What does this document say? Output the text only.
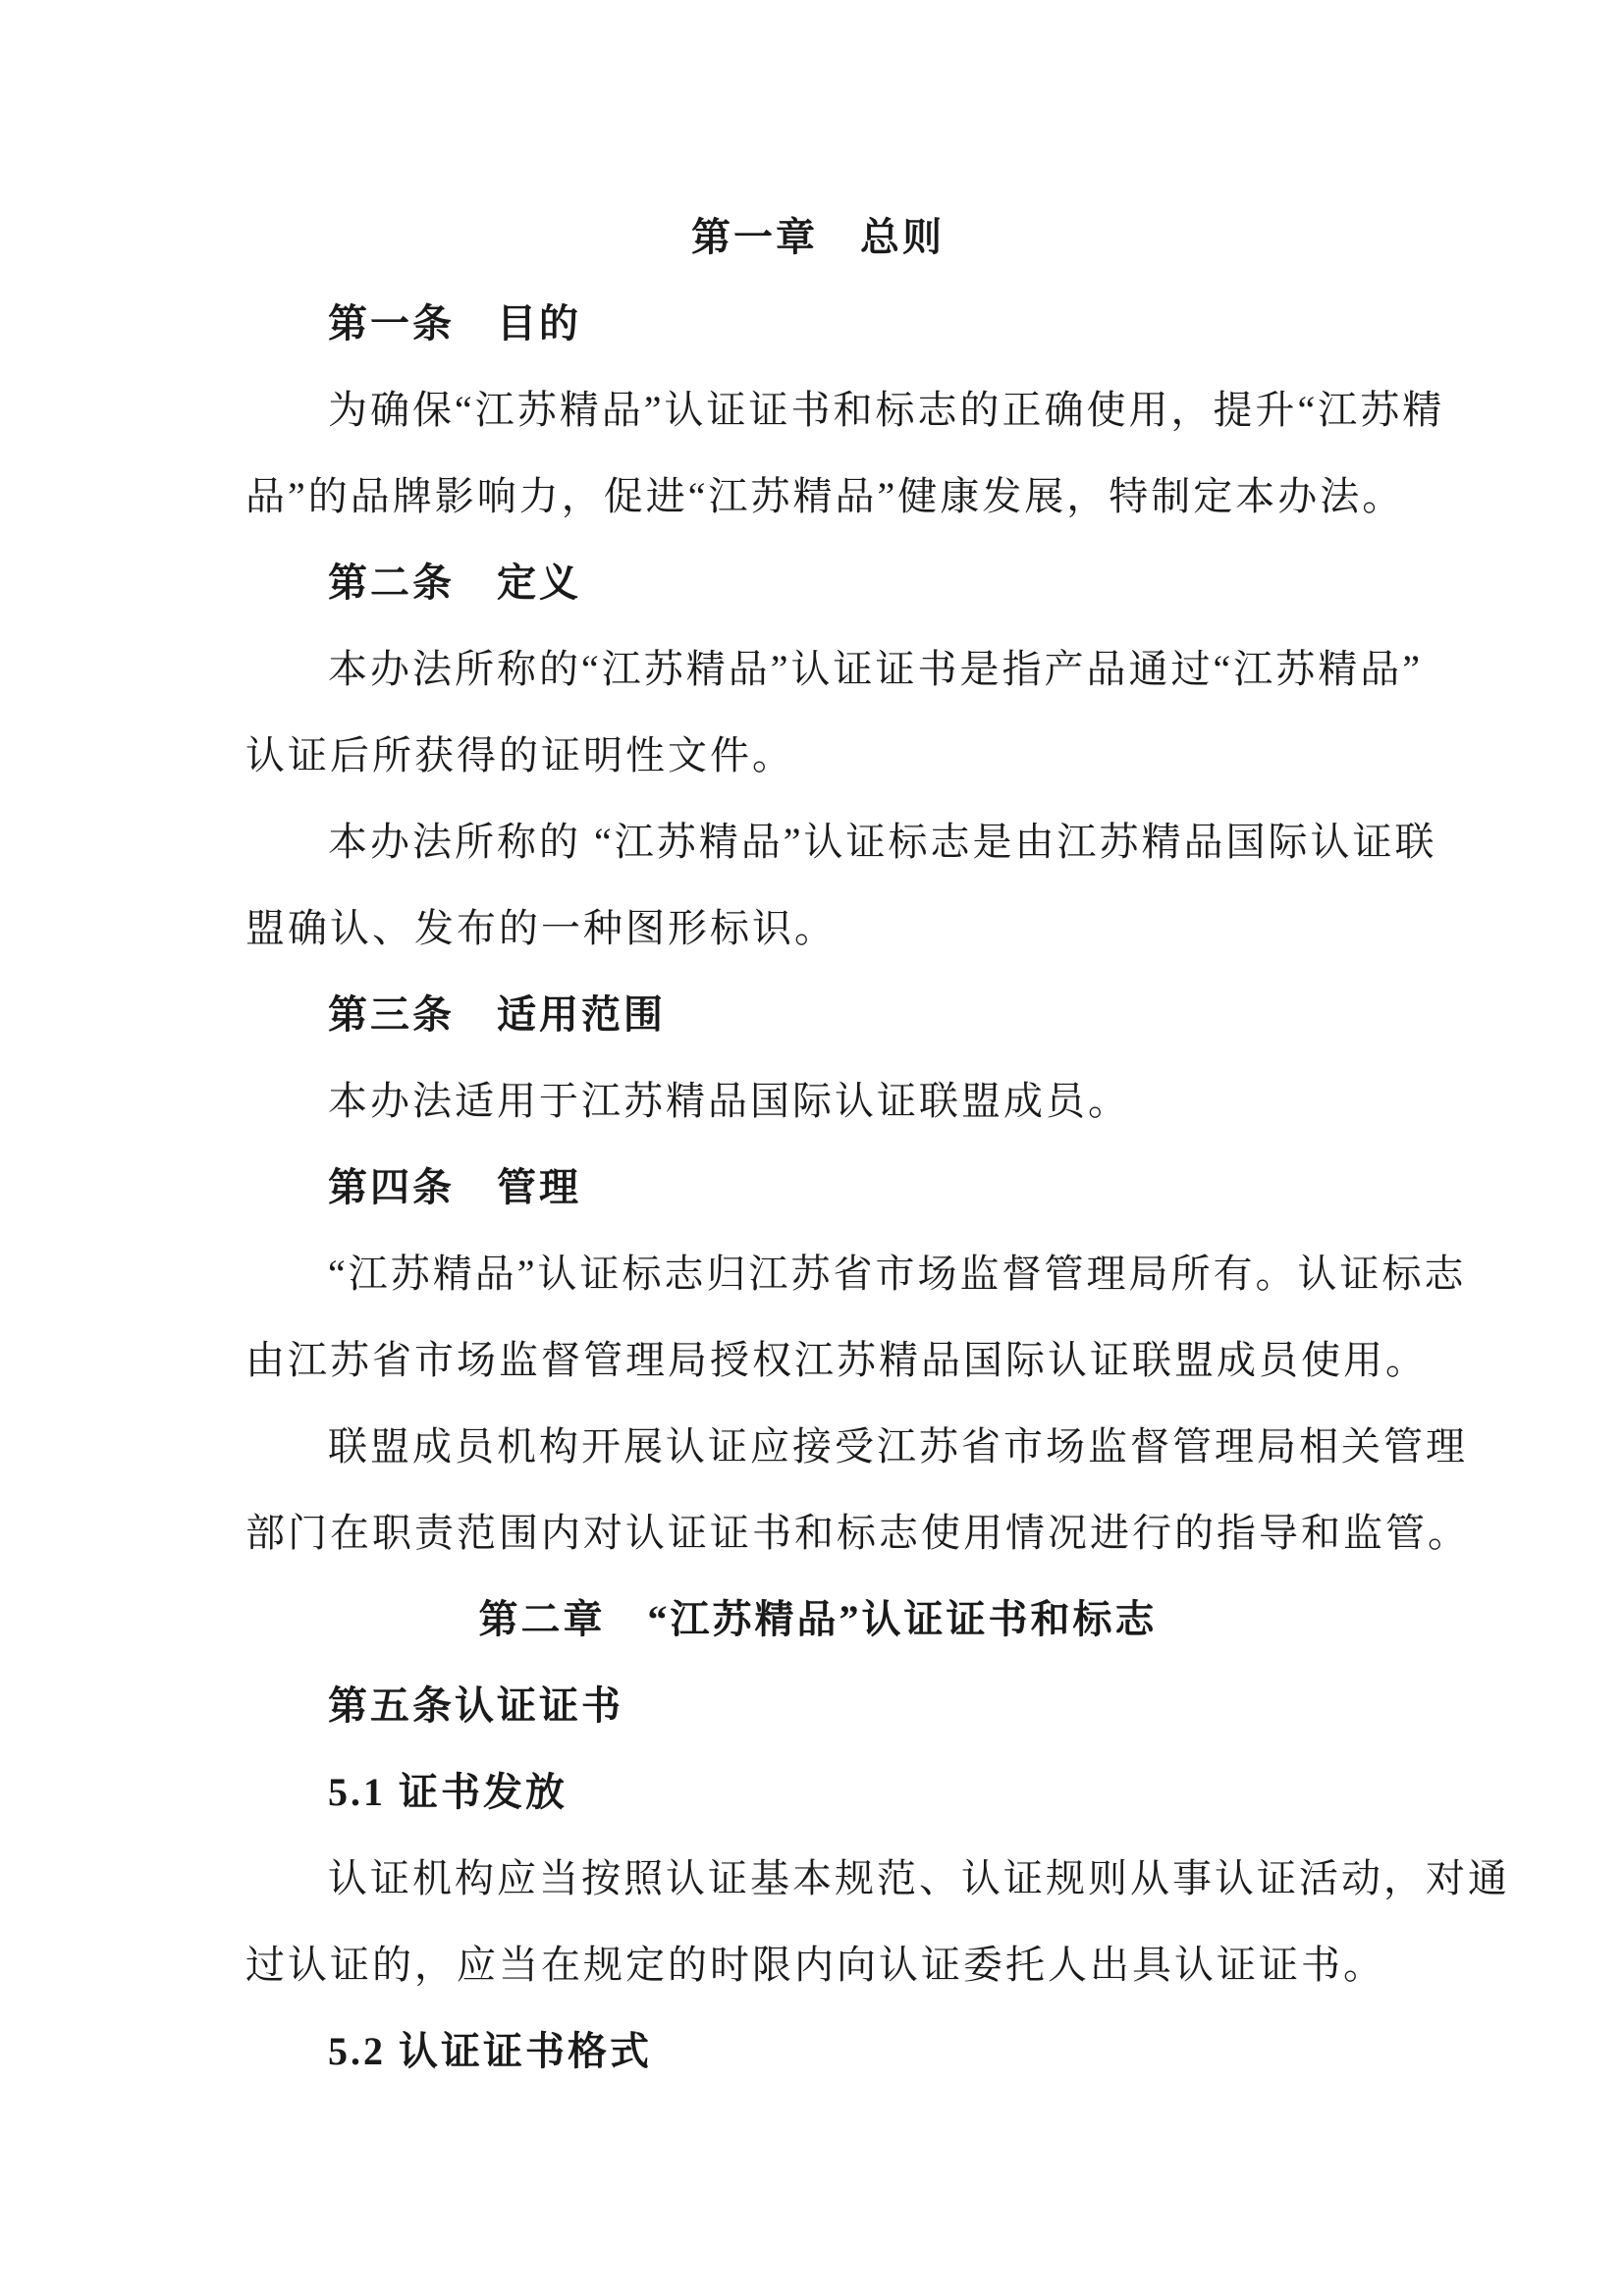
第一章　总则
第一条　目的
为确保“江苏精品”认证证书和标志的正确使用，提升“江苏精
品”的品牌影响力，促进“江苏精品”健康发展，特制定本办法。
第二条　定义
本办法所称的“江苏精品”认证证书是指产品通过“江苏精品”
认证后所获得的证明性文件。
本办法所称的 “江苏精品”认证标志是由江苏精品国际认证联
盟确认、发布的一种图形标识。
第三条　适用范围
本办法适用于江苏精品国际认证联盟成员。
第四条　管理
“江苏精品”认证标志归江苏省市场监督管理局所有。认证标志
由江苏省市场监督管理局授权江苏精品国际认证联盟成员使用。
联盟成员机构开展认证应接受江苏省市场监督管理局相关管理
部门在职责范围内对认证证书和标志使用情况进行的指导和监管。
第二章　“江苏精品”认证证书和标志
第五条认证证书
5.1 证书发放
认证机构应当按照认证基本规范、认证规则从事认证活动，对通
过认证的，应当在规定的时限内向认证委托人出具认证证书。
5.2 认证证书格式
